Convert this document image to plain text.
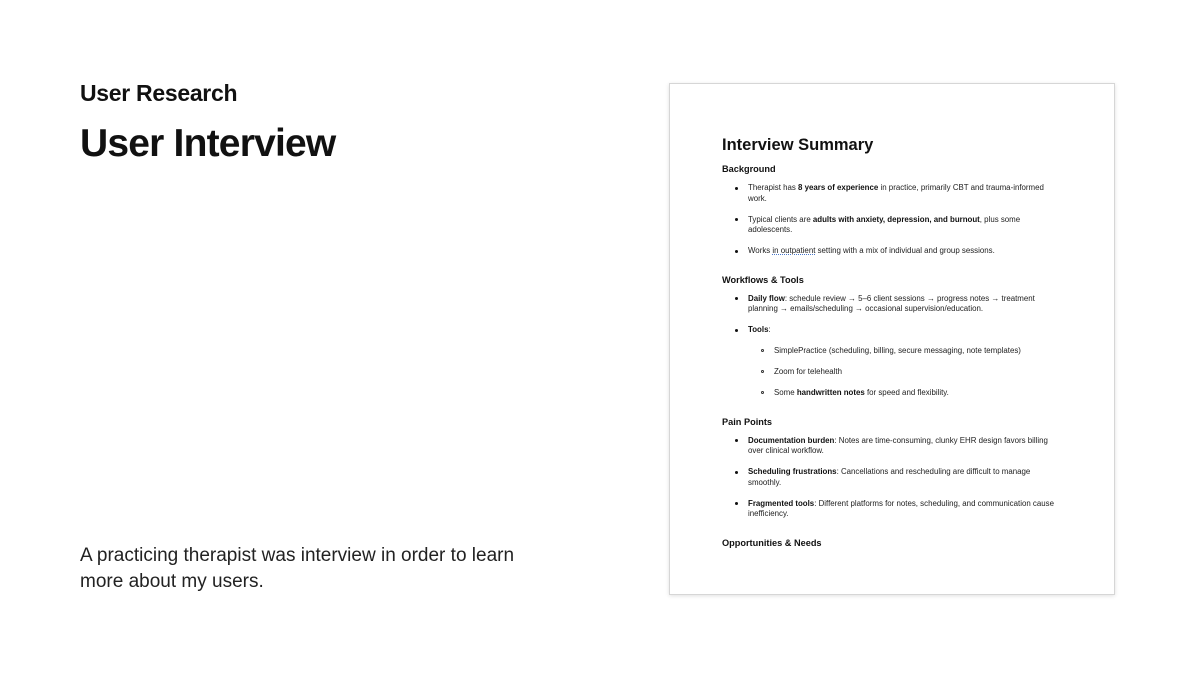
User Research
User Interview
A practicing therapist was interview in order to learn more about my users.
Interview Summary
Background
Therapist has 8 years of experience in practice, primarily CBT and trauma-informed work.
Typical clients are adults with anxiety, depression, and burnout, plus some adolescents.
Works in outpatient setting with a mix of individual and group sessions.
Workflows & Tools
Daily flow: schedule review → 5–6 client sessions → progress notes → treatment planning → emails/scheduling → occasional supervision/education.
Tools:
SimplePractice (scheduling, billing, secure messaging, note templates)
Zoom for telehealth
Some handwritten notes for speed and flexibility.
Pain Points
Documentation burden: Notes are time-consuming, clunky EHR design favors billing over clinical workflow.
Scheduling frustrations: Cancellations and rescheduling are difficult to manage smoothly.
Fragmented tools: Different platforms for notes, scheduling, and communication cause inefficiency.
Opportunities & Needs
